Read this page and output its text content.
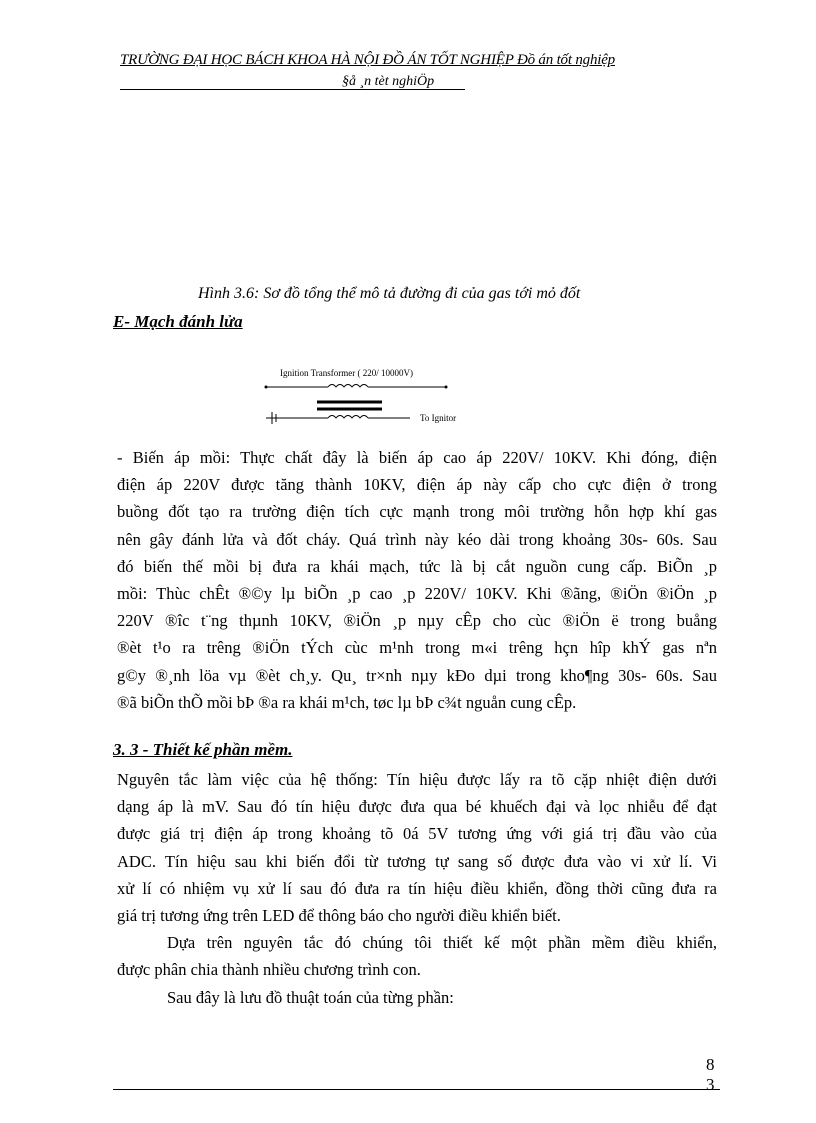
TRƯỜNG ĐẠI HỌC BÁCH KHOA HÀ NỘI ĐỒ ÁN TỐT NGHIỆP Đồ án tốt nghiệp
§å ¸n tèt nghiÖp
Hình 3.6: Sơ đồ tổng thể mô tả đường đi của gas tới mỏ đốt
E- Mạch đánh lửa
Ignition Transformer ( 220/ 10000V)
To Ignitor
- Biến áp mồi: Thực chất đây là biến áp cao áp 220V/ 10KV. Khi đóng, điện
điện áp 220V được tăng thành 10KV, điện áp này cấp cho cực điện ở trong
buồng đốt tạo ra trường điện tích cực mạnh trong môi trường hỗn hợp khí gas
nên gây đánh lửa và đốt cháy. Quá trình này kéo dài trong khoảng 30s- 60s. Sau
đó biến thế mồi bị đưa ra khái mạch, tức là bị cắt nguồn cung cấp. BiÕn ¸p
mồi: Thùc chÊt ®©y lµ biÕn ¸p cao ¸p 220V/ 10KV. Khi ®ãng, ®iÖn ®iÖn ¸p
220V ®îc t¨ng thµnh 10KV, ®iÖn ¸p nµy cÊp cho cùc ®iÖn ë trong buång
®èt t¹o ra trêng ®iÖn tÝch cùc m¹nh trong m«i trêng hçn hîp khÝ gas nªn
g©y ®¸nh löa vµ ®èt ch¸y. Qu¸ tr×nh nµy kÐo dµi trong kho¶ng 30s- 60s. Sau
®ã biÕn thÕ mồi bÞ ®a ra khái m¹ch, tøc lµ bÞ c¾t nguån cung cÊp.
3. 3 - Thiết kế phần mềm.
Nguyên tắc làm việc của hệ thống: Tín hiệu được lấy ra tõ cặp nhiệt điện dưới
dạng áp là mV. Sau đó tín hiệu được đưa qua bé khuếch đại và lọc nhiễu để đạt
được giá trị điện áp trong khoảng tõ 0á 5V tương ứng với giá trị đầu vào của
ADC. Tín hiệu sau khi biến đổi từ tương tự sang số được đưa vào vi xử lí. Vi
xử lí có nhiệm vụ xử lí sau đó đưa ra tín hiệu điều khiển, đồng thời cũng đưa ra
giá trị tương ứng trên LED để thông báo cho người điều khiển biết.
Dựa trên nguyên tắc đó chúng tôi thiết kế một phần mềm điều khiển,
được phân chia thành nhiều chương trình con.
Sau đây là lưu đồ thuật toán của từng phần:
8
3
